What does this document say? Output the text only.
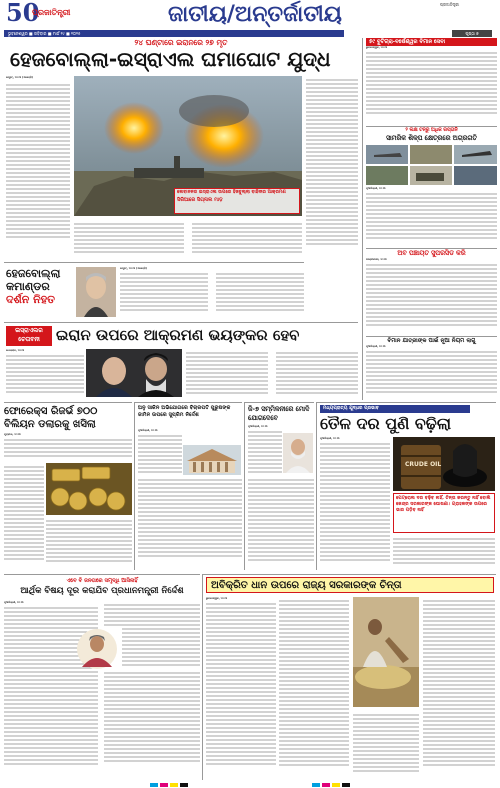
50
ପ୍ରଜାତିନ୍ତ୍ରୀ	ଜାତୀୟ/ଅନ୍ତର୍ଜାତୀୟ	ପ୍ରଜାତିନ୍ତ୍ରୀ
ଭୁବନେଶ୍ୱର ■ ରବିବାର ■ ମାର୍ଚ୍ଚ ୧୯ ■ ୨୦୨୫	ପୃଷ୍ଠା ୭
୨୪ ଘଣ୍ଟାରେ ଇରାନରେ ୨୭ ମୃତ
ହେଜବୋଲ୍ଲା-ଇସ୍ରାଏଲ ଘମାଘୋଟ ଯୁଦ୍ଧ
ବେରୁଟ୍, ୨୦।୩ (ଏଜେନ୍ସି)
ଲେବାନନର ଇସ୍ରାଏଲ ଉପରେ ହିଜବୁଲ୍ଲା ବାହିନୀର ଆକ୍ରମଣ
ସିରିଆରେ ସିଗ୍ନାଲ ମାଡ଼
ହେଜବୋଲ୍ଲା
କମାଣ୍ଡର
ଦର୍ଶନ ନିହତ
ବେରୁଟ୍, ୨୦।୩ (ଏଜେନ୍ସି)
ଇସ୍ରାଏଲର
ଚେତାବନୀ	ଇରାନ ଉପରେ ଆକ୍ରମଣ ଭୟଙ୍କର ହେବ
ତେହେରାନ, ୨୦।୩
ଫୋରେକ୍ସ ରିଜର୍ଭ ୭୦୦
ବିଲିୟନ ଡଲାରକୁ ଖସିଲା
ମୁମ୍ବାଇ, ୨୦।୩
ଅନୁ ସାକିନ ଅଭିଯୋଗରେ ବିଚାରପତି ପୁରୁଷଙ୍କ ଜାମିନ ଉପରେ ସୁପ୍ରିମ ନିର୍ଦ୍ଦେଶ
ନୂଆଦିଲ୍ଲୀ, ୨୦।୩
ଜି-୭ ସମ୍ମିଳନୀରେ ମୋଦି
ଯୋଗଦେବେ
ନୂଆଦିଲ୍ଲୀ, ୨୦।୩
ମଧ୍ୟପ୍ରାଚ୍ୟ ଯୁଦ୍ଧର ପ୍ରଭାବ
ତୈଳ ଦର ପୁଣି ବଢ଼ିଲା
ନୂଆଦିଲ୍ଲୀ, ୨୦।୩
CRUDE OIL
ପେଟ୍ରୋଲ ଦର ବଢ଼ିବ ନାହିଁ, ଚିନ୍ତା କରନ୍ତୁ ନାହିଁ ବୋଲି କେନ୍ଦ୍ର ସରକାରଙ୍କ ଘୋଷଣା। ଗ୍ରାହକଙ୍କ ଉପରେ ଭାର ପଡ଼ିବ ନାହିଁ
୫୯ ବୁଟିଗ୍ରା-ବର୍ଷେଶ୍ୱର ବିମାନ ସେବା
ଭୁବନେଶ୍ୱର, ୨୦।୩
୨ ଲକ୍ଷ ଟନ୍‌ରୁ ଅଧିକ ରପ୍ତାନି
ସାମରିକ ଶିଳ୍ପ କ୍ଷେତ୍ରରେ ଅଗ୍ରଗତି
ନୂଆଦିଲ୍ଲୀ, ୨୦।୩
ଅବ ପଞ୍ଚାୟତ ସୁପରସିଡ କରି
ଗାନ୍ଧୀନଗର, ୨୦।୩
ବିମାନ ଯାତ୍ରୀଙ୍କ ପାଇଁ ନୂଆ ନିୟମ ଲାଗୁ
ନୂଆଦିଲ୍ଲୀ, ୨୦।୩
ଏବେ ବି ଜନତାରେ ସମୃଦ୍ଧି ଆସିନାହିଁ
ଆର୍ଥିକ ବିଷୟ ଦୂର କରାଯିବ ପ୍ରଧାନମନ୍ତ୍ରୀ ନିର୍ଦ୍ଦେଶ
ନୂଆଦିଲ୍ଲୀ, ୨୦।୩
ଅବିକ୍ରିତ ଧାନ ଉପରେ ରାଜ୍ୟ ସରକାରଙ୍କ ଚିନ୍ତା
ଭୁବନେଶ୍ୱର, ୨୦।୩
